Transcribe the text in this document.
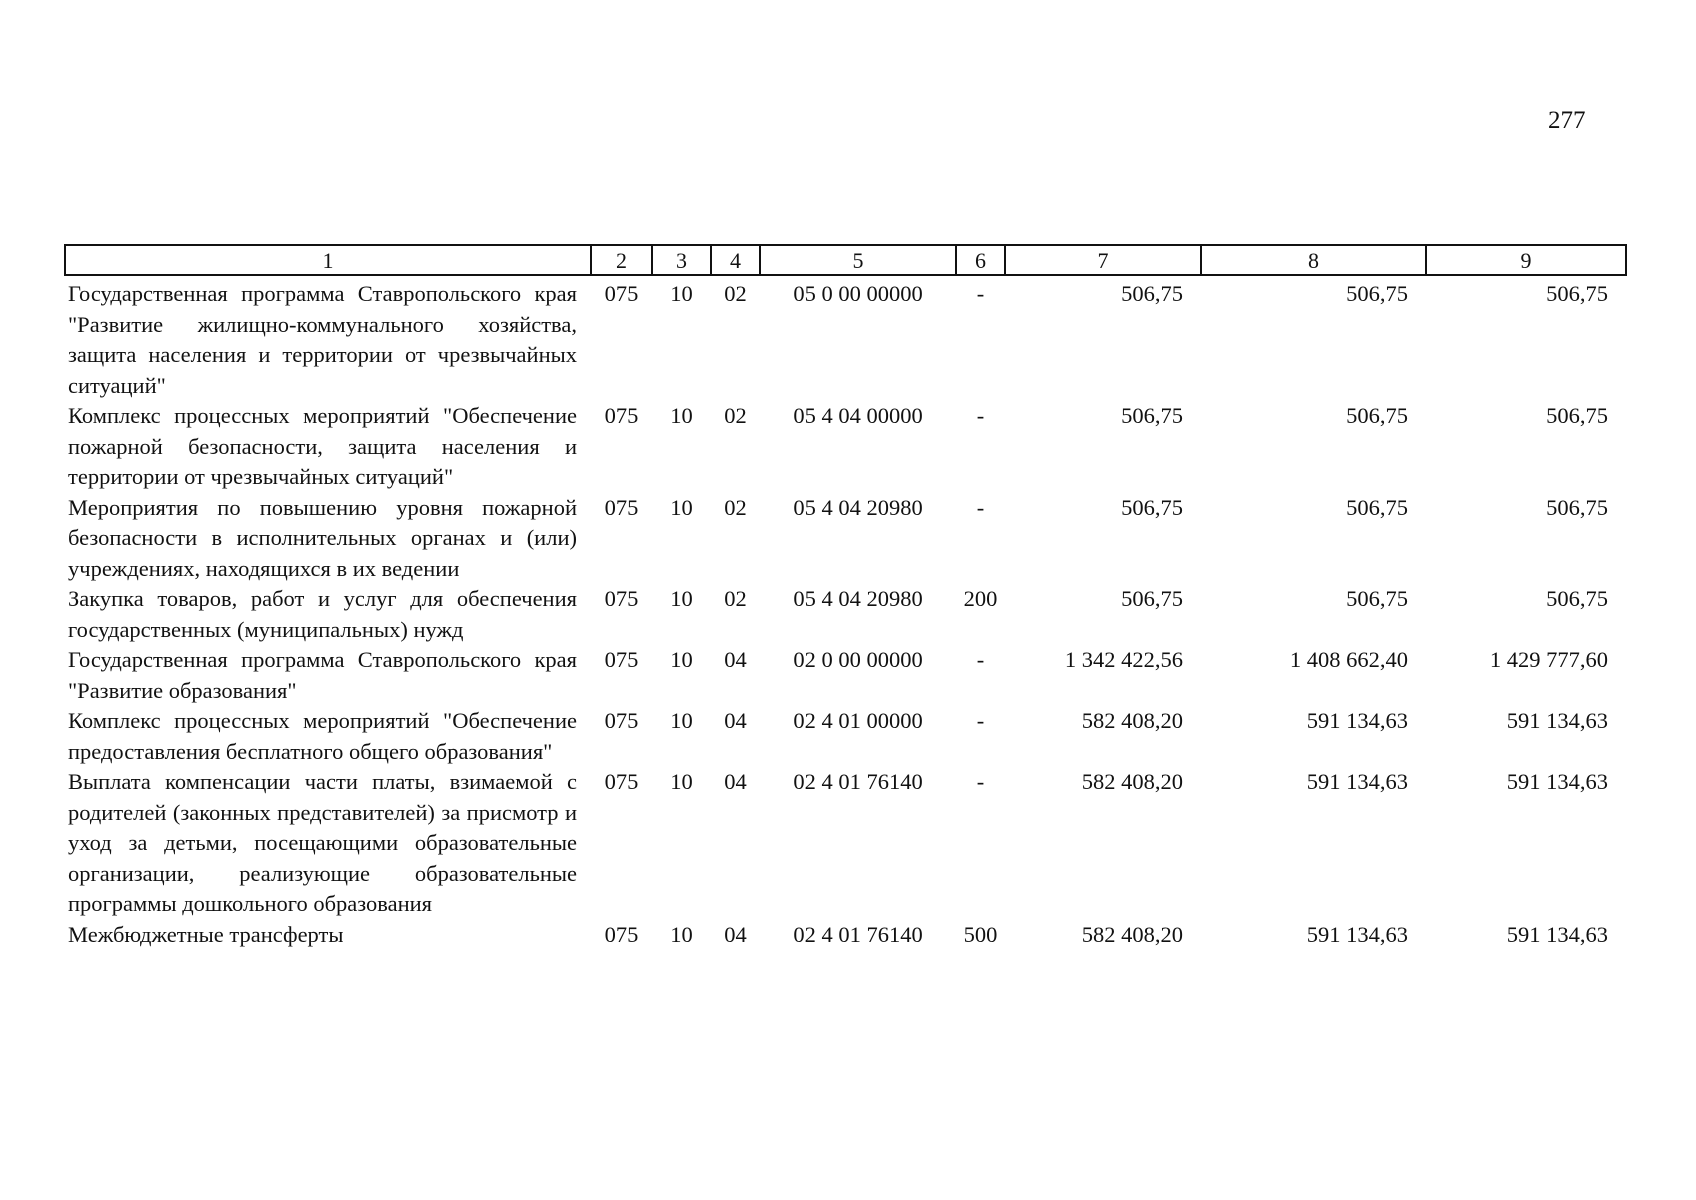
277
1	2	3	4	5	6	7	8	9
Государственная программа Ставропольского края "Развитие жилищно-коммунального хозяйства, защита населения и территории от чрезвычайных ситуаций"	075	10	02	05 0 00 00000	-	506,75	506,75	506,75
Комплекс процессных мероприятий "Обеспечение пожарной безопасности, защита населения и территории от чрезвычайных ситуаций"	075	10	02	05 4 04 00000	-	506,75	506,75	506,75
Мероприятия по повышению уровня пожарной безопасности в исполнительных органах и (или) учреждениях, находящихся в их ведении	075	10	02	05 4 04 20980	-	506,75	506,75	506,75
Закупка товаров, работ и услуг для обеспечения государственных (муниципальных) нужд	075	10	02	05 4 04 20980	200	506,75	506,75	506,75
Государственная программа Ставропольского края "Развитие образования"	075	10	04	02 0 00 00000	-	1 342 422,56	1 408 662,40	1 429 777,60
Комплекс процессных мероприятий "Обеспечение предоставления бесплатного общего образования"	075	10	04	02 4 01 00000	-	582 408,20	591 134,63	591 134,63
Выплата компенсации части платы, взимаемой с родителей (законных представителей) за присмотр и уход за детьми, посещающими образовательные организации, реализующие образовательные программы дошкольного образования	075	10	04	02 4 01 76140	-	582 408,20	591 134,63	591 134,63
Межбюджетные трансферты	075	10	04	02 4 01 76140	500	582 408,20	591 134,63	591 134,63
